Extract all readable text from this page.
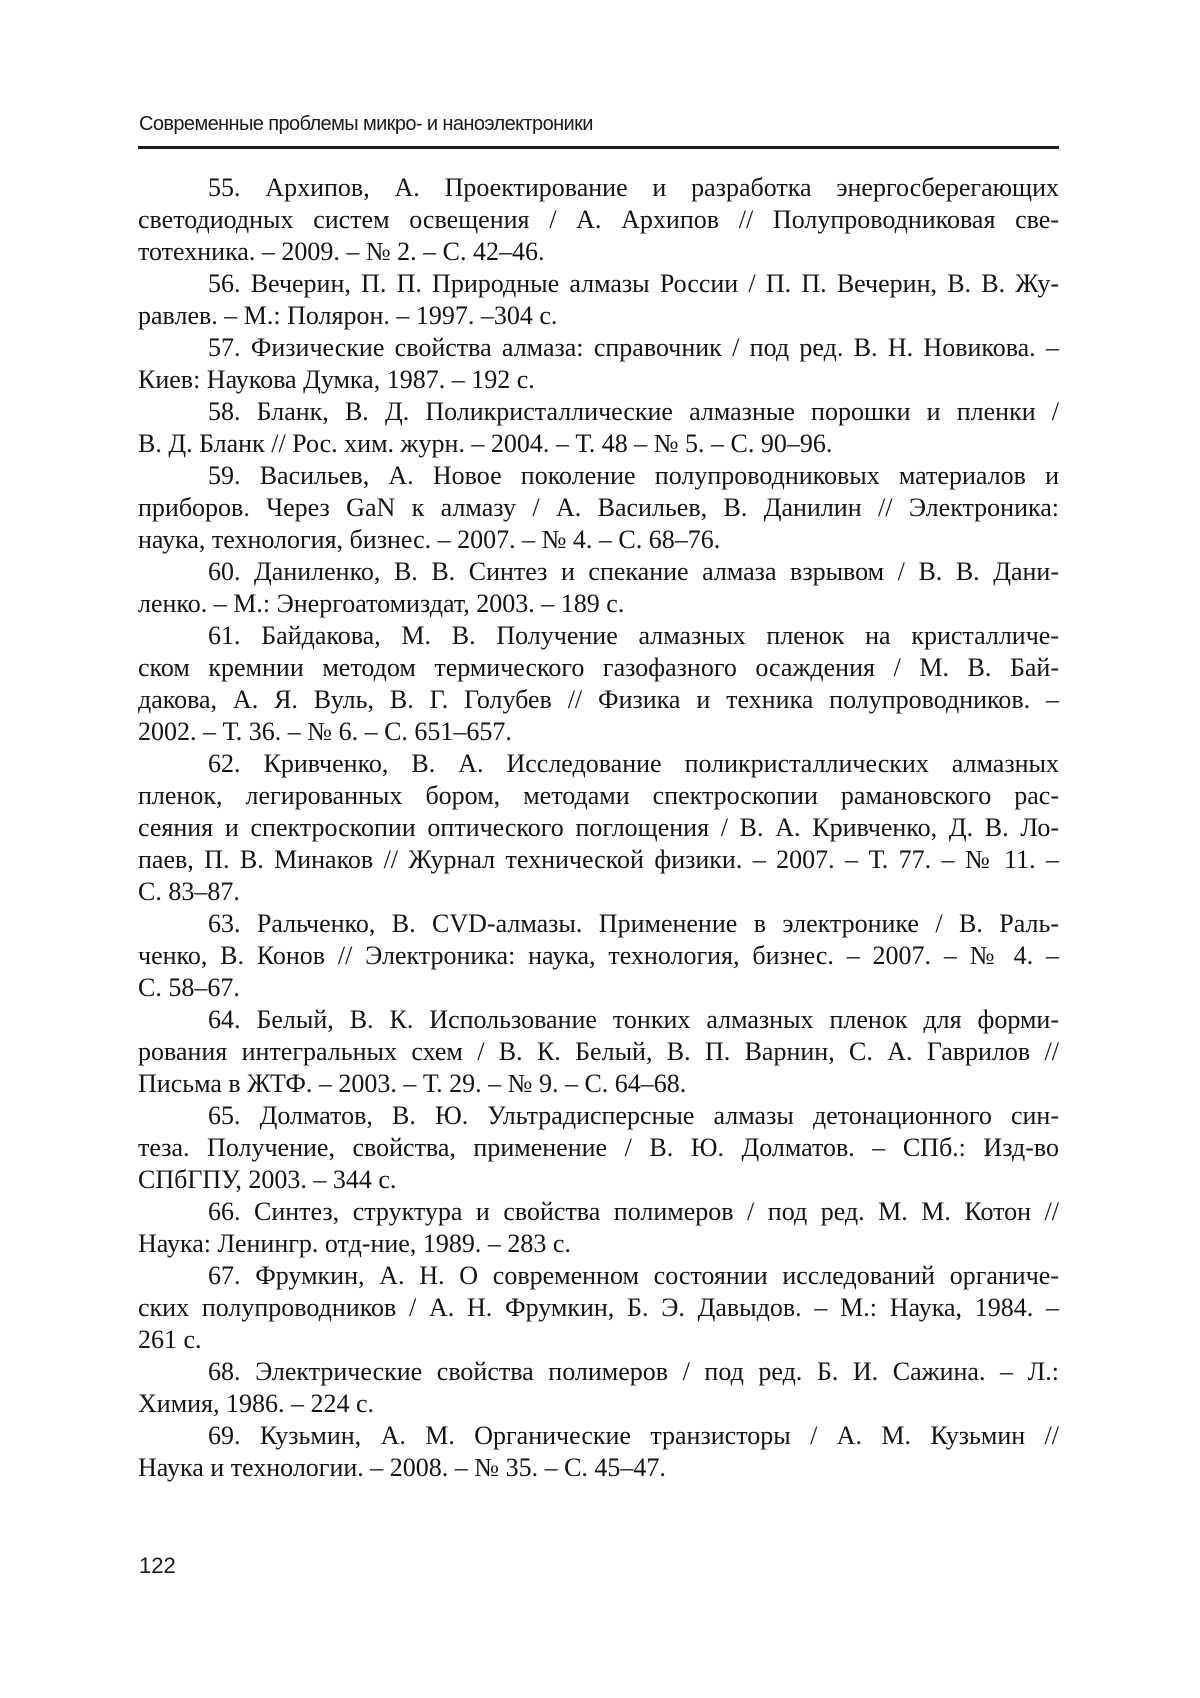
Современные проблемы микро- и наноэлектроники
55. Архипов, А. Проектирование и разработка энергосберегающих
светодиодных систем освещения / А. Архипов // Полупроводниковая све-
тотехника. – 2009. – № 2. – С. 42–46.
56. Вечерин, П. П. Природные алмазы России / П. П. Вечерин, В. В. Жу-
равлев. – М.: Полярон. – 1997. –304 с.
57. Физические свойства алмаза: справочник / под ред. В. Н. Новикова. –
Киев: Наукова Думка, 1987. – 192 с.
58. Бланк, В. Д. Поликристаллические алмазные порошки и пленки /
В. Д. Бланк // Рос. хим. журн. – 2004. – Т. 48 – № 5. – С. 90–96.
59. Васильев, А. Новое поколение полупроводниковых материалов и
приборов. Через GaN к алмазу / А. Васильев, В. Данилин // Электроника:
наука, технология, бизнес. – 2007. – № 4. – С. 68–76.
60. Даниленко, В. В. Синтез и спекание алмаза взрывом / В. В. Дани-
ленко. – М.: Энергоатомиздат, 2003. – 189 с.
61. Байдакова, М. В. Получение алмазных пленок на кристалличе-
ском кремнии методом термического газофазного осаждения / М. В. Бай-
дакова, А. Я. Вуль, В. Г. Голубев // Физика и техника полупроводников. –
2002. – Т. 36. – № 6. – С. 651–657.
62. Кривченко, В. А. Исследование поликристаллических алмазных
пленок, легированных бором, методами спектроскопии рамановского рас-
сеяния и спектроскопии оптического поглощения / В. А. Кривченко, Д. В. Ло-
паев, П. В. Минаков // Журнал технической физики. – 2007. – Т. 77. – № 11. –
С. 83–87.
63. Ральченко, В. CVD-алмазы. Применение в электронике / В. Раль-
ченко, В. Конов // Электроника: наука, технология, бизнес. – 2007. – № 4. –
С. 58–67.
64. Белый, В. К. Использование тонких алмазных пленок для форми-
рования интегральных схем / В. К. Белый, В. П. Варнин, С. А. Гаврилов //
Письма в ЖТФ. – 2003. – Т. 29. – № 9. – С. 64–68.
65. Долматов, В. Ю. Ультрадисперсные алмазы детонационного син-
теза. Получение, свойства, применение / В. Ю. Долматов. – СПб.: Изд-во
СПбГПУ, 2003. – 344 с.
66. Синтез, структура и свойства полимеров / под ред. М. М. Котон //
Наука: Ленингр. отд-ние, 1989. – 283 с.
67. Фрумкин, А. Н. О современном состоянии исследований органиче-
ских полупроводников / А. Н. Фрумкин, Б. Э. Давыдов. – М.: Наука, 1984. –
261 с.
68. Электрические свойства полимеров / под ред. Б. И. Сажина. – Л.:
Химия, 1986. – 224 с.
69. Кузьмин, А. М. Органические транзисторы / А. М. Кузьмин //
Наука и технологии. – 2008. – № 35. – С. 45–47.
122
